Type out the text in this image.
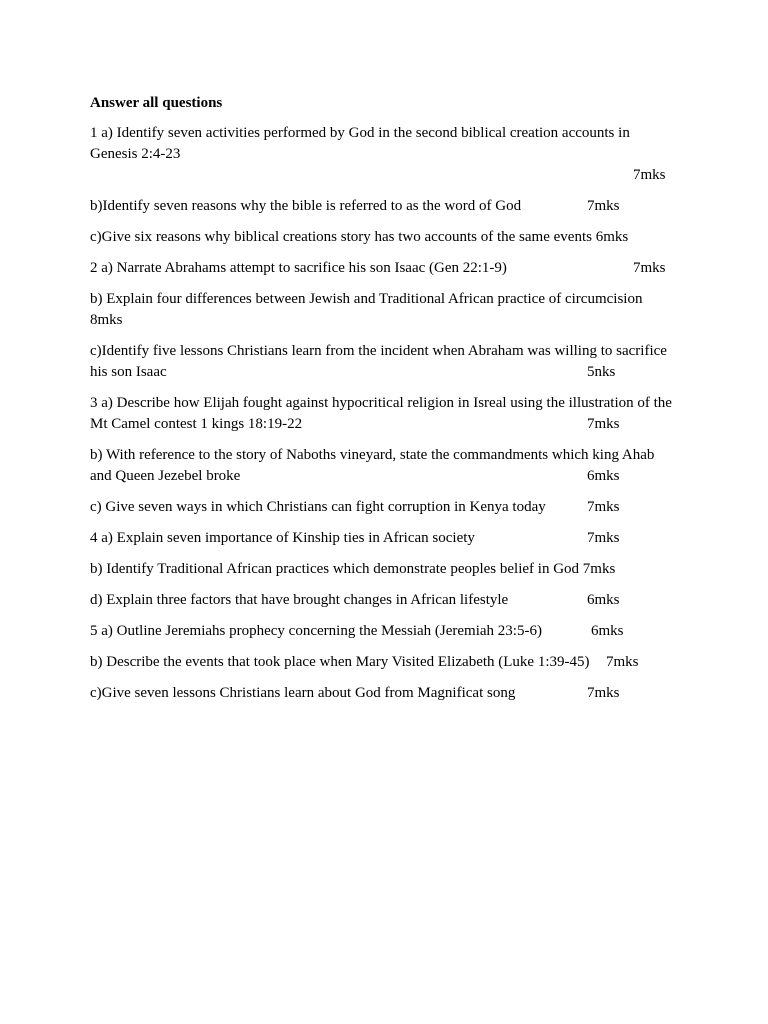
Answer all questions
1 a) Identify seven activities performed by God in the second biblical creation accounts in
Genesis 2:4-23
7mks
b)Identify seven reasons why the bible is referred to as the word of God	7mks
c)Give six reasons why biblical creations story has two accounts of the same events 6mks
2 a) Narrate Abrahams attempt to sacrifice his son Isaac (Gen 22:1-9)	7mks
b) Explain four differences between Jewish and Traditional African practice of circumcision
8mks
c)Identify five lessons Christians learn from the incident when Abraham was willing to sacrifice
his son Isaac	5nks
3 a) Describe how Elijah fought against hypocritical religion in Isreal using the illustration of the
Mt Camel contest 1 kings 18:19-22	7mks
b) With reference to the story of Naboths vineyard, state the commandments which king Ahab
and Queen Jezebel broke	6mks
c) Give seven ways in which Christians can fight corruption in Kenya today	7mks
4 a) Explain seven importance of Kinship ties in African society	7mks
b) Identify Traditional African practices which demonstrate peoples belief in God 7mks
d) Explain three factors that have brought changes in African lifestyle	6mks
5 a) Outline Jeremiahs prophecy concerning the Messiah (Jeremiah 23:5-6)	6mks
b) Describe the events that took place when Mary Visited Elizabeth (Luke 1:39-45) 7mks
c)Give seven lessons Christians learn about God from Magnificat song	7mks
